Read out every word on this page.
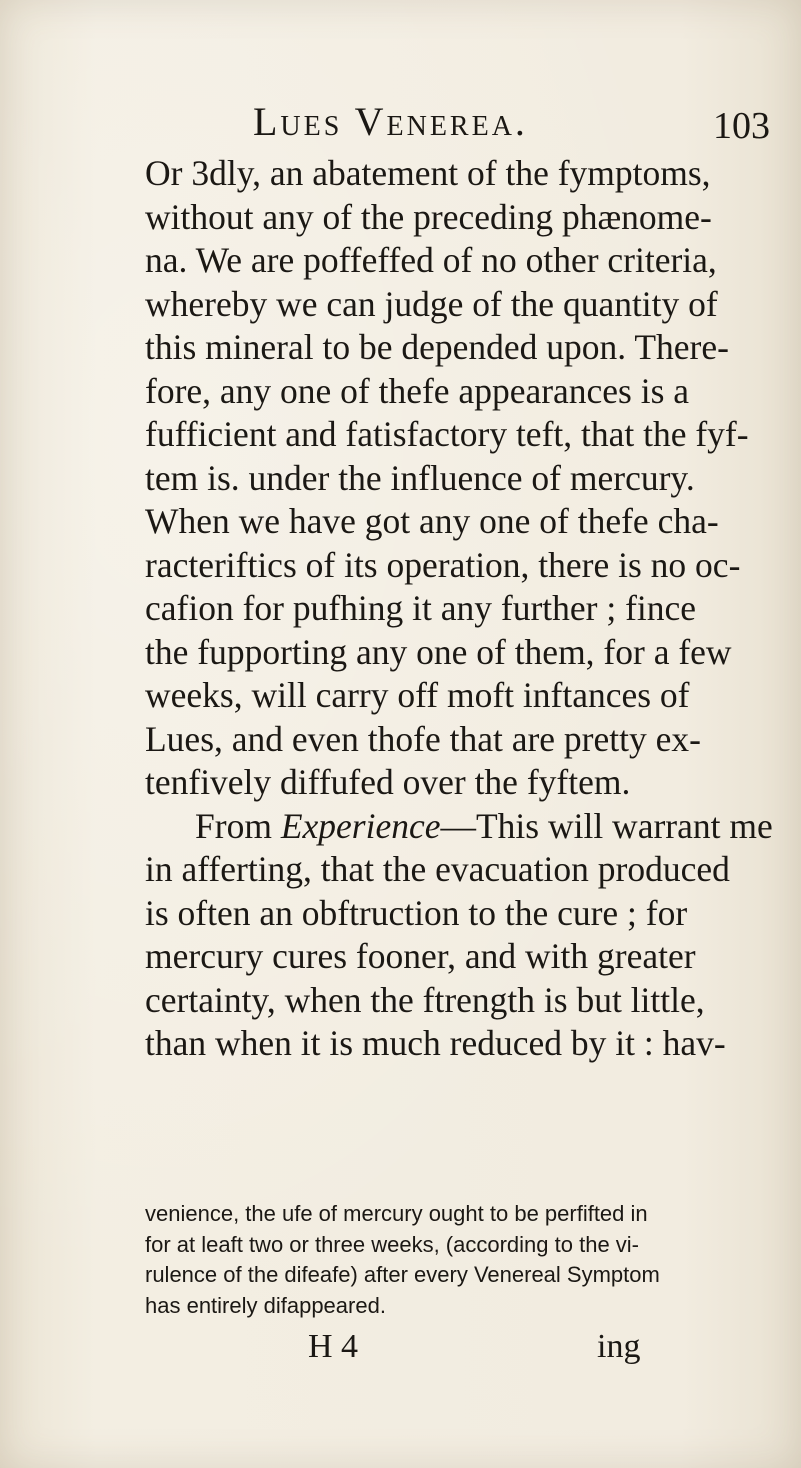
Lues Venerea.	103
Or 3dly, an abatement of the fymptoms,
without any of the preceding phænome-
na. We are poffeffed of no other criteria,
whereby we can judge of the quantity of
this mineral to be depended upon. There-
fore, any one of thefe appearances is a
fufficient and fatisfactory teft, that the fyf-
tem is. under the influence of mercury.
When we have got any one of thefe cha-
racteriftics of its operation, there is no oc-
cafion for pufhing it any further ; fince
the fupporting any one of them, for a few
weeks, will carry off moft inftances of
Lues, and even thofe that are pretty ex-
tenfively diffufed over the fyftem.
From Experience—This will warrant me
in afferting, that the evacuation produced
is often an obftruction to the cure ; for
mercury cures fooner, and with greater
certainty, when the ftrength is but little,
than when it is much reduced by it : hav-
venience, the ufe of mercury ought to be perfifted in
for at leaft two or three weeks, (according to the vi-
rulence of the difeafe) after every Venereal Symptom
has entirely difappeared.
H 4	ing
